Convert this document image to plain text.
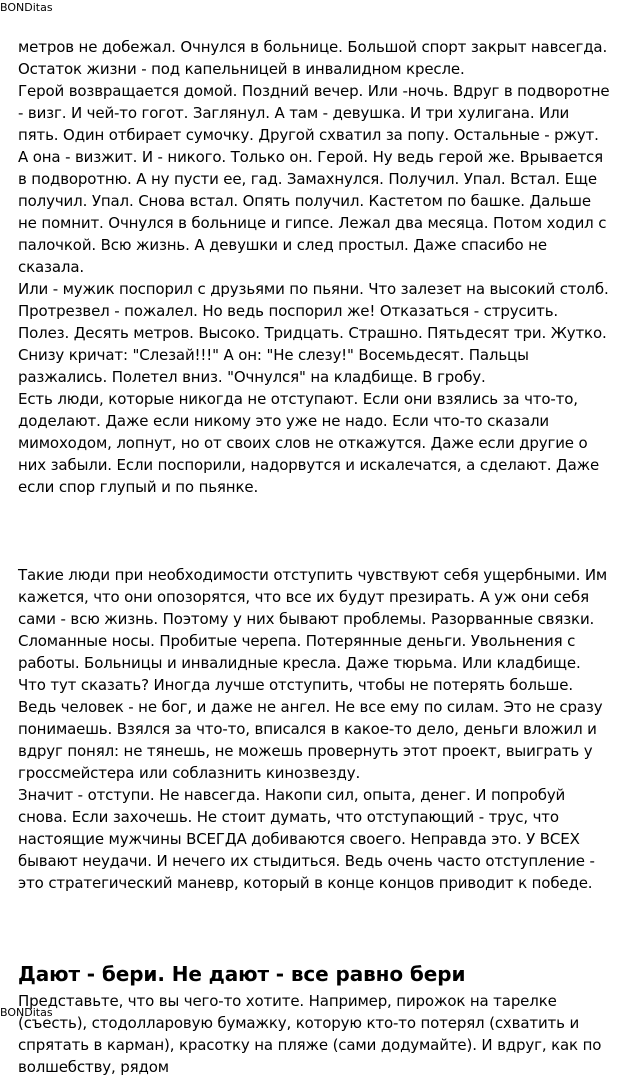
BONDitas

метров не добежал. Очнулся в больнице. Большой спорт закрыт навсегда. Остаток жизни - под капельницей в инвалидном кресле.

Герой возвращается домой. Поздний вечер. Или -ночь. Вдруг в подворотне - визг. И чей-то гогот. Заглянул. А там - девушка. И три хулигана. Или пять. Один отбирает сумочку. Другой схватил за попу. Остальные - ржут. А она - визжит. И - никого. Только он. Герой. Ну ведь герой же. Врывается в подворотню. А ну пусти ее, гад. Замахнулся. Получил. Упал. Встал. Еще получил. Упал. Снова встал. Опять получил. Кастетом по башке. Дальше не помнит. Очнулся в больнице и гипсе. Лежал два месяца. Потом ходил с палочкой. Всю жизнь. А девушки и след простыл. Даже спасибо не сказала.

Или - мужик поспорил с друзьями по пьяни. Что залезет на высокий столб. Протрезвел - пожалел. Но ведь поспорил же! Отказаться - струсить. Полез. Десять метров. Высоко. Тридцать. Страшно. Пятьдесят три. Жутко. Снизу кричат: "Слезай!!!" А он: "Не слезу!" Восемьдесят. Пальцы разжались. Полетел вниз. "Очнулся" на кладбище. В гробу.

Есть люди, которые никогда не отступают. Если они взялись за что-то, доделают. Даже если никому это уже не надо. Если что-то сказали мимоходом, лопнут, но от своих слов не откажутся. Даже если другие о них забыли. Если поспорили, надорвутся и искалечатся, а сделают. Даже если спор глупый и по пьянке.

Такие люди при необходимости отступить чувствуют себя ущербными. Им кажется, что они опозорятся, что все их будут презирать. А уж они себя сами - всю жизнь. Поэтому у них бывают проблемы. Разорванные связки. Сломанные носы. Пробитые черепа. Потерянные деньги. Увольнения с работы. Больницы и инвалидные кресла. Даже тюрьма. Или кладбище.

Что тут сказать? Иногда лучше отступить, чтобы не потерять больше. Ведь человек - не бог, и даже не ангел. Не все ему по силам. Это не сразу понимаешь. Взялся за что-то, вписался в какое-то дело, деньги вложил и вдруг понял: не тянешь, не можешь провернуть этот проект, выиграть у гроссмейстера или соблазнить кинозвезду.

Значит - отступи. Не навсегда. Накопи сил, опыта, денег. И попробуй снова. Если захочешь. Не стоит думать, что отступающий - трус, что настоящие мужчины ВСЕГДА добиваются своего. Неправда это. У ВСЕХ бывают неудачи. И нечего их стыдиться. Ведь очень часто отступление - это стратегический маневр, который в конце концов приводит к победе.

Дают - бери. Не дают - все равно бери

Представьте, что вы чего-то хотите. Например, пирожок на тарелке (съесть), стодолларовую бумажку, которую кто-то потерял (схватить и спрятать в карман), красотку на пляже (сами додумайте). И вдруг, как по волшебству, рядом

BONDitas
